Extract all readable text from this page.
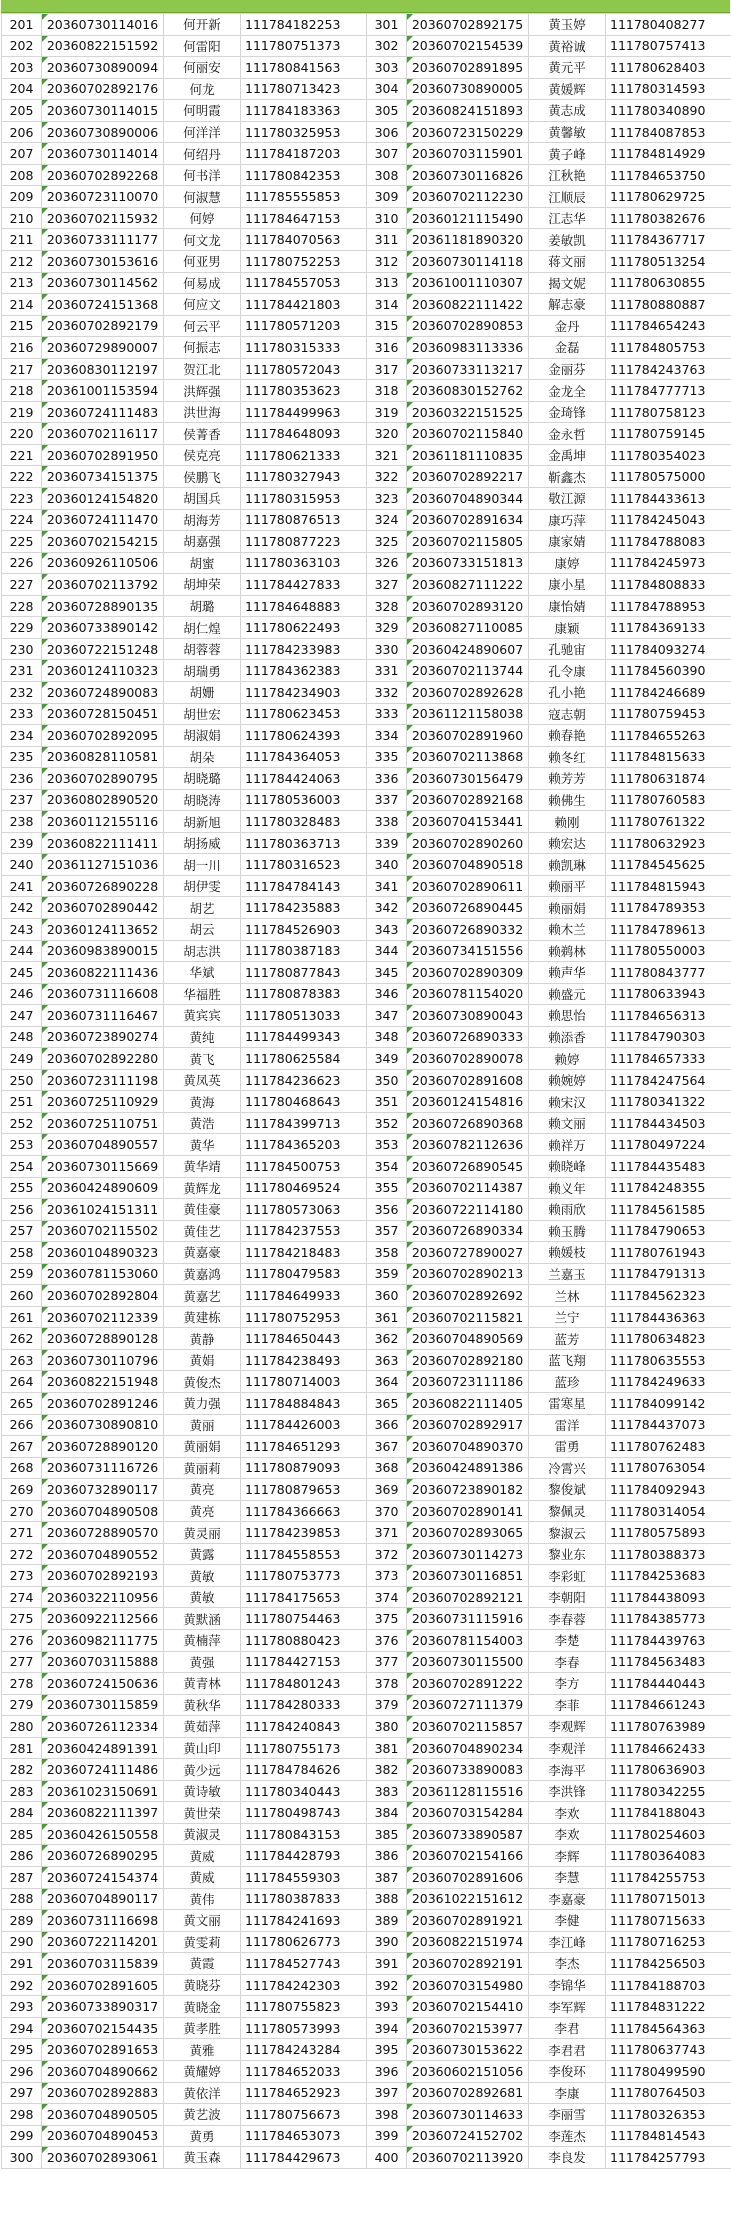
201	20360730114016	何开新	111784182253	301	20360702892175	黄玉婷	111780408277
202	20360822151592	何雷阳	111780751373	302	20360702154539	黄裕诚	111780757413
203	20360730890094	何丽安	111780841563	303	20360702891895	黄元平	111780628403
204	20360702892176	何龙	111780713423	304	20360730890005	黄媛辉	111780314593
205	20360730114015	何明霞	111784183363	305	20360824151893	黄志成	111780340890
206	20360730890006	何洋洋	111780325953	306	20360723150229	黄馨敏	111784087853
207	20360730114014	何绍丹	111784187203	307	20360703115901	黄子峰	111784814929
208	20360702892268	何书洋	111780842353	308	20360730116826	江秋艳	111784653750
209	20360723110070	何淑慧	111785555853	309	20360702112230	江顺辰	111780629725
210	20360702115932	何婷	111784647153	310	20360121115490	江志华	111780382676
211	20360733111177	何文龙	111784070563	311	20361181890320	姜敏凯	111784367717
212	20360730153616	何亚男	111780752253	312	20360730114118	蒋文丽	111780513254
213	20360730114562	何易成	111784557053	313	20361001110307	揭文妮	111780630855
214	20360724151368	何应文	111784421803	314	20360822111422	解志豪	111780880887
215	20360702892179	何云平	111780571203	315	20360702890853	金丹	111784654243
216	20360729890007	何振志	111780315333	316	20360983113336	金磊	111784805753
217	20360830112197	贺江北	111780572043	317	20360733113217	金丽芬	111784243763
218	20361001153594	洪辉强	111780353623	318	20360830152762	金龙全	111784777713
219	20360724111483	洪世海	111784499963	319	20360322151525	金琦锋	111780758123
220	20360702116117	侯菁香	111784648093	320	20360702115840	金永哲	111780759145
221	20360702891950	侯克亮	111780621333	321	20361181110835	金禹坤	111780354023
222	20360734151375	侯鹏飞	111780327943	322	20360702892217	靳鑫杰	111780575000
223	20360124154820	胡国兵	111780315953	323	20360704890344	敬江源	111784433613
224	20360724111470	胡海芳	111780876513	324	20360702891634	康巧萍	111784245043
225	20360702154215	胡嘉强	111780877223	325	20360702115805	康家婧	111784788083
226	20360926110506	胡蜜	111780363103	326	20360733151813	康婷	111784245973
227	20360702113792	胡坤荣	111784427833	327	20360827111222	康小星	111784808833
228	20360728890135	胡璐	111784648883	328	20360702893120	康怡婧	111784788953
229	20360733890142	胡仁煌	111780622493	329	20360827110085	康颖	111784369133
230	20360722151248	胡蓉蓉	111784233983	330	20360424890607	孔驰宙	111784093274
231	20360124110323	胡瑞勇	111784362383	331	20360702113744	孔令康	111784560390
232	20360724890083	胡姗	111784234903	332	20360702892628	孔小艳	111784246689
233	20360728150451	胡世宏	111780623453	333	20361121158038	寇志朝	111780759453
234	20360702892095	胡淑娟	111780624393	334	20360702891960	赖春艳	111784655263
235	20360828110581	胡朵	111784364053	335	20360702113868	赖冬红	111784815633
236	20360702890795	胡晓璐	111784424063	336	20360730156479	赖芳芳	111780631874
237	20360802890520	胡晓涛	111780536003	337	20360702892168	赖佛生	111780760583
238	20360112155116	胡新旭	111780328483	338	20360704153441	赖刚	111780761322
239	20360822111411	胡扬威	111780363713	339	20360702890260	赖宏达	111780632923
240	20361127151036	胡一川	111780316523	340	20360704890518	赖凯琳	111784545625
241	20360726890228	胡伊雯	111784784143	341	20360702890611	赖丽平	111784815943
242	20360702890442	胡艺	111784235883	342	20360726890445	赖丽娟	111784789353
243	20360124113652	胡云	111784526903	343	20360726890332	赖木兰	111784789613
244	20360983890015	胡志洪	111780387183	344	20360734151556	赖鹈林	111780550003
245	20360822111436	华斌	111780877843	345	20360702890309	赖声华	111780843777
246	20360731116608	华福胜	111780878383	346	20360781154020	赖盛元	111780633943
247	20360731116467	黄宾宾	111780513033	347	20360730890043	赖思怡	111784656313
248	20360723890274	黄纯	111784499343	348	20360726890333	赖添香	111784790303
249	20360702892280	黄飞	111780625584	349	20360702890078	赖婷	111784657333
250	20360723111198	黄凤英	111784236623	350	20360702891608	赖婉婷	111784247564
251	20360725110929	黄海	111780468643	351	20360124154816	赖宋汉	111780341322
252	20360725110751	黄浩	111784399713	352	20360726890368	赖文丽	111784434503
253	20360704890557	黄华	111784365203	353	20360782112636	赖祥万	111780497224
254	20360730115669	黄华靖	111784500753	354	20360726890545	赖晓峰	111784435483
255	20360424890609	黄辉龙	111780469524	355	20360702114387	赖义年	111784248355
256	20361024151311	黄佳豪	111780573063	356	20360722114180	赖雨欣	111784561585
257	20360702115502	黄佳艺	111784237553	357	20360726890334	赖玉腾	111784790653
258	20360104890323	黄嘉豪	111784218483	358	20360727890027	赖媛枝	111780761943
259	20360781153060	黄嘉鸿	111780479583	359	20360702890213	兰嘉玉	111784791313
260	20360702892804	黄嘉艺	111784649933	360	20360702892692	兰林	111784562323
261	20360702112339	黄建栋	111780752953	361	20360702115821	兰宁	111784436363
262	20360728890128	黄静	111784650443	362	20360704890569	蓝芳	111780634823
263	20360730110796	黄娟	111784238493	363	20360702892180	蓝飞翔	111780635553
264	20360822151948	黄俊杰	111780714003	364	20360723111186	蓝珍	111784249633
265	20360702891246	黄力强	111784884843	365	20360822111405	雷寒星	111784099142
266	20360730890810	黄丽	111784426003	366	20360702892917	雷洋	111784437073
267	20360728890120	黄丽娟	111784651293	367	20360704890370	雷勇	111780762483
268	20360731116726	黄丽莉	111780879093	368	20360424891386	冷霄兴	111780763054
269	20360732890117	黄亮	111780879653	369	20360723890182	黎俊斌	111784092943
270	20360704890508	黄亮	111784366663	370	20360702890141	黎佩灵	111780314054
271	20360728890570	黄灵丽	111784239853	371	20360702893065	黎淑云	111780575893
272	20360704890552	黄露	111784558553	372	20360730114273	黎业东	111780388373
273	20360702892193	黄敏	111780753773	373	20360730116851	李彩虹	111784253683
274	20360322110956	黄敏	111784175653	374	20360702892121	李朝阳	111784438093
275	20360922112566	黄默涵	111780754463	375	20360731115916	李春蓉	111784385773
276	20360982111775	黄楠萍	111780880423	376	20360781154003	李楚	111784439763
277	20360703115888	黄强	111784427153	377	20360730115500	李春	111784563483
278	20360724150636	黄青林	111784801243	378	20360702891222	李方	111784440443
279	20360730115859	黄秋华	111784280333	379	20360727111379	李菲	111784661243
280	20360726112334	黄茹萍	111784240843	380	20360702115857	李观辉	111780763989
281	20360424891391	黄山印	111780755173	381	20360704890234	李观洋	111784662433
282	20360724111486	黄少远	111784784626	382	20360733890083	李海平	111780636903
283	20361023150691	黄诗敏	111780340443	383	20361128115516	李洪锋	111780342255
284	20360822111397	黄世荣	111780498743	384	20360703154284	李欢	111784188043
285	20360426150558	黄淑灵	111780843153	385	20360733890587	李欢	111780254603
286	20360726890295	黄威	111784428793	386	20360702154166	李辉	111780364083
287	20360724154374	黄威	111784559303	387	20360702891606	李慧	111784255753
288	20360704890117	黄伟	111780387833	388	20361022151612	李嘉豪	111780715013
289	20360731116698	黄文丽	111784241693	389	20360702891921	李健	111780715633
290	20360722114201	黄雯莉	111780626773	390	20360822151974	李江峰	111780716253
291	20360703115839	黄霞	111784527743	391	20360702892191	李杰	111784256503
292	20360702891605	黄晓芬	111784242303	392	20360703154980	李锦华	111784188703
293	20360733890317	黄晓金	111780755823	393	20360702154410	李军辉	111784831222
294	20360702154435	黄孝胜	111780573993	394	20360702153977	李君	111784564363
295	20360702891653	黄雅	111784243284	395	20360730153622	李君君	111780637743
296	20360704890662	黄耀婷	111784652033	396	20360602151056	李俊环	111780499590
297	20360702892883	黄依洋	111784652923	397	20360702892681	李康	111780764503
298	20360704890505	黄艺波	111780756673	398	20360730114633	李丽雪	111780326353
299	20360704890453	黄勇	111784653073	399	20360724152702	李莲杰	111784814543
300	20360702893061	黄玉森	111784429673	400	20360702113920	李良发	111784257793
